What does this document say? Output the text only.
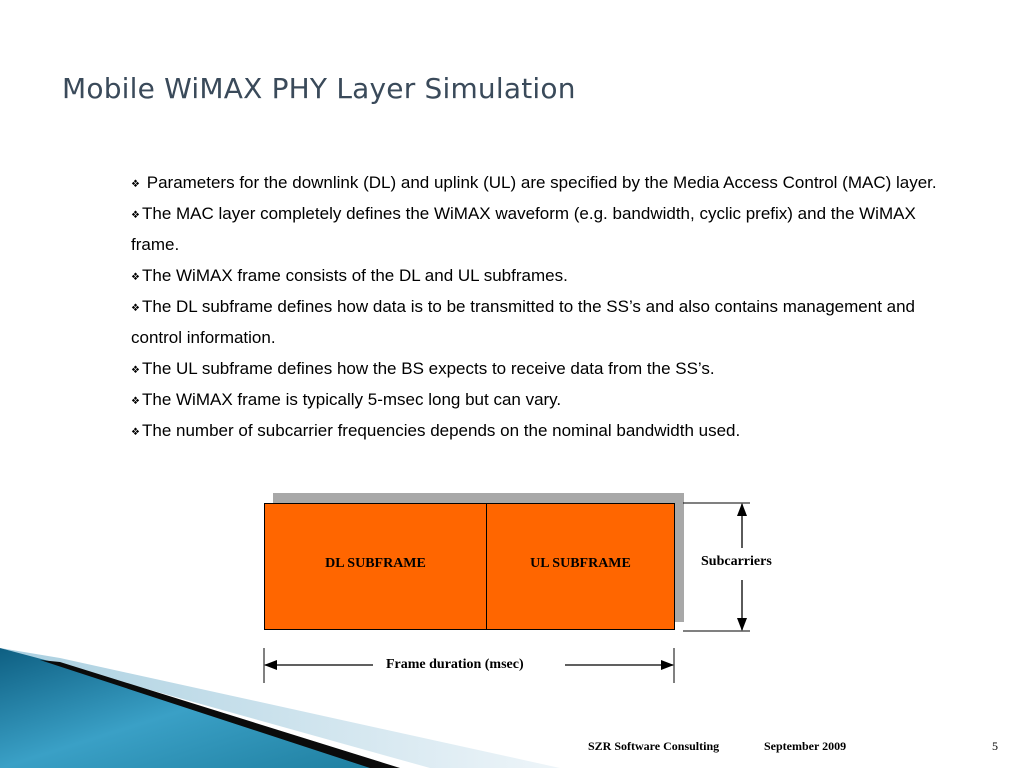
Mobile WiMAX PHY Layer Simulation
❖ Parameters for the downlink (DL) and uplink (UL) are specified by the Media Access Control (MAC) layer.
❖ The MAC layer completely defines the WiMAX waveform (e.g. bandwidth, cyclic prefix) and the WiMAX frame.
❖ The WiMAX frame consists of the DL and UL subframes.
❖ The DL subframe defines how data is to be transmitted to the SS’s and also contains management and control information.
❖ The UL subframe defines how the BS expects to receive data from the SS’s.
❖ The WiMAX frame is typically 5-msec long but can vary.
❖ The number of subcarrier frequencies depends on the nominal bandwidth used.
DL SUBFRAME	UL SUBFRAME	Subcarriers
Frame duration (msec)
SZR Software Consulting	September 2009	5
